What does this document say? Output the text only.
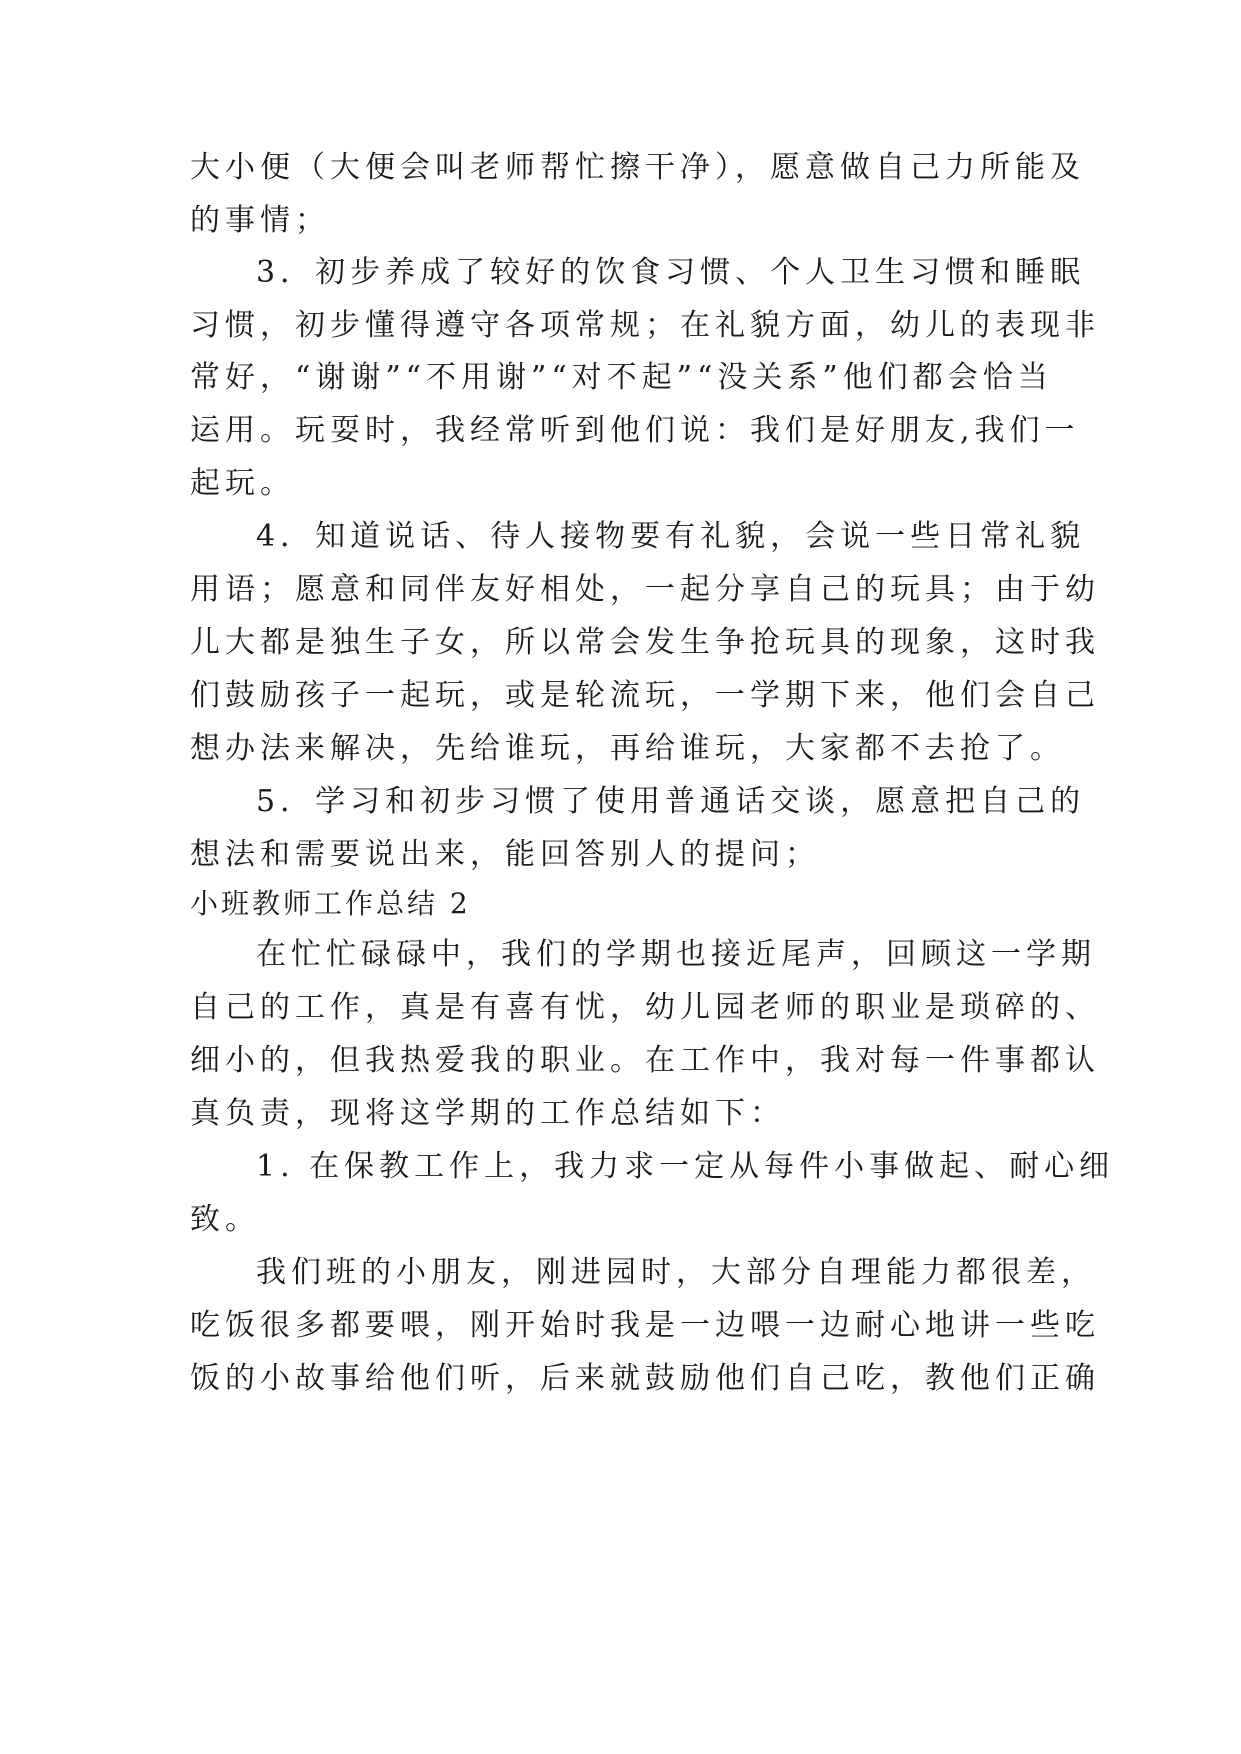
大小便（大便会叫老师帮忙擦干净），愿意做自己力所能及
的事情；
3．初步养成了较好的饮食习惯、个人卫生习惯和睡眠
习惯，初步懂得遵守各项常规；在礼貌方面，幼儿的表现非
常好，“谢谢”“不用谢”“对不起”“没关系”他们都会恰当
运用。玩耍时，我经常听到他们说：我们是好朋友,我们一
起玩。
4．知道说话、待人接物要有礼貌，会说一些日常礼貌
用语；愿意和同伴友好相处，一起分享自己的玩具；由于幼
儿大都是独生子女，所以常会发生争抢玩具的现象，这时我
们鼓励孩子一起玩，或是轮流玩，一学期下来，他们会自己
想办法来解决，先给谁玩，再给谁玩，大家都不去抢了。
5．学习和初步习惯了使用普通话交谈，愿意把自己的
想法和需要说出来，能回答别人的提问；
小班教师工作总结 2
在忙忙碌碌中，我们的学期也接近尾声，回顾这一学期
自己的工作，真是有喜有忧，幼儿园老师的职业是琐碎的、
细小的，但我热爱我的职业。在工作中，我对每一件事都认
真负责，现将这学期的工作总结如下：
1. 在保教工作上，我力求一定从每件小事做起、耐心细
致。
我们班的小朋友，刚进园时，大部分自理能力都很差，
吃饭很多都要喂，刚开始时我是一边喂一边耐心地讲一些吃
饭的小故事给他们听，后来就鼓励他们自己吃，教他们正确
